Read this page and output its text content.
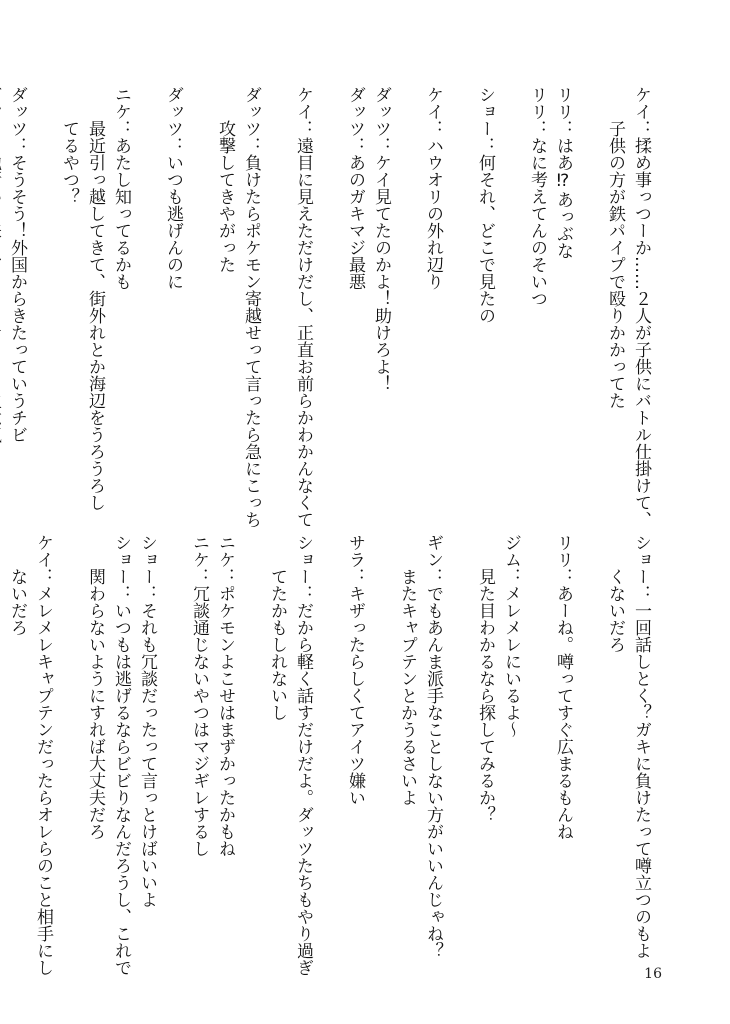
ケイ：揉め事っつーか……２人が子供にバトル仕掛けて、
子供の方が鉄パイプで殴りかかってた
リリ：はあ⁉あっぶな
リリ：なに考えてんのそいつ
ショー：何それ、どこで見たの
ケイ：ハウオリの外れ辺り
ダッツ：ケイ見てたのかよ！助けろよ！
ダッツ：あのガキマジ最悪
ケイ：遠目に見えただけだし、正直お前らかわかんなくて
ダッツ：負けたらポケモン寄越せって言ったら急にこっち
攻撃してきやがった
ダッツ：いつも逃げんのに
ニケ：あたし知ってるかも
最近引っ越してきて、街外れとか海辺をうろうろし
てるやつ？
ダッツ：そうそう！外国からきたっていうチビ
ショー：一回話しとく？ガキに負けたって噂立つのもよ
くないだろ
リリ：あーね。噂ってすぐ広まるもんね
ジム：メレメレにいるよ〜
見た目わかるなら探してみるか？
ギン：でもあんま派手なことしない方がいいんじゃね？
またキャプテンとかうるさいよ
サラ：キザったらしくてアイツ嫌い
ショー：だから軽く話すだけだよ。ダッツたちもやり過ぎ
てたかもしれないし
ニケ：ポケモンよこせはまずかったかもね
ニケ：冗談通じないやつはマジギレするし
ショー：それも冗談だったって言っとけばいいよ
ショー：いつもは逃げるならビビりなんだろうし、これで
関わらないようにすれば大丈夫だろ
ケイ：メレメレキャプテンだったらオレらのこと相手にし
ないだろ
16
